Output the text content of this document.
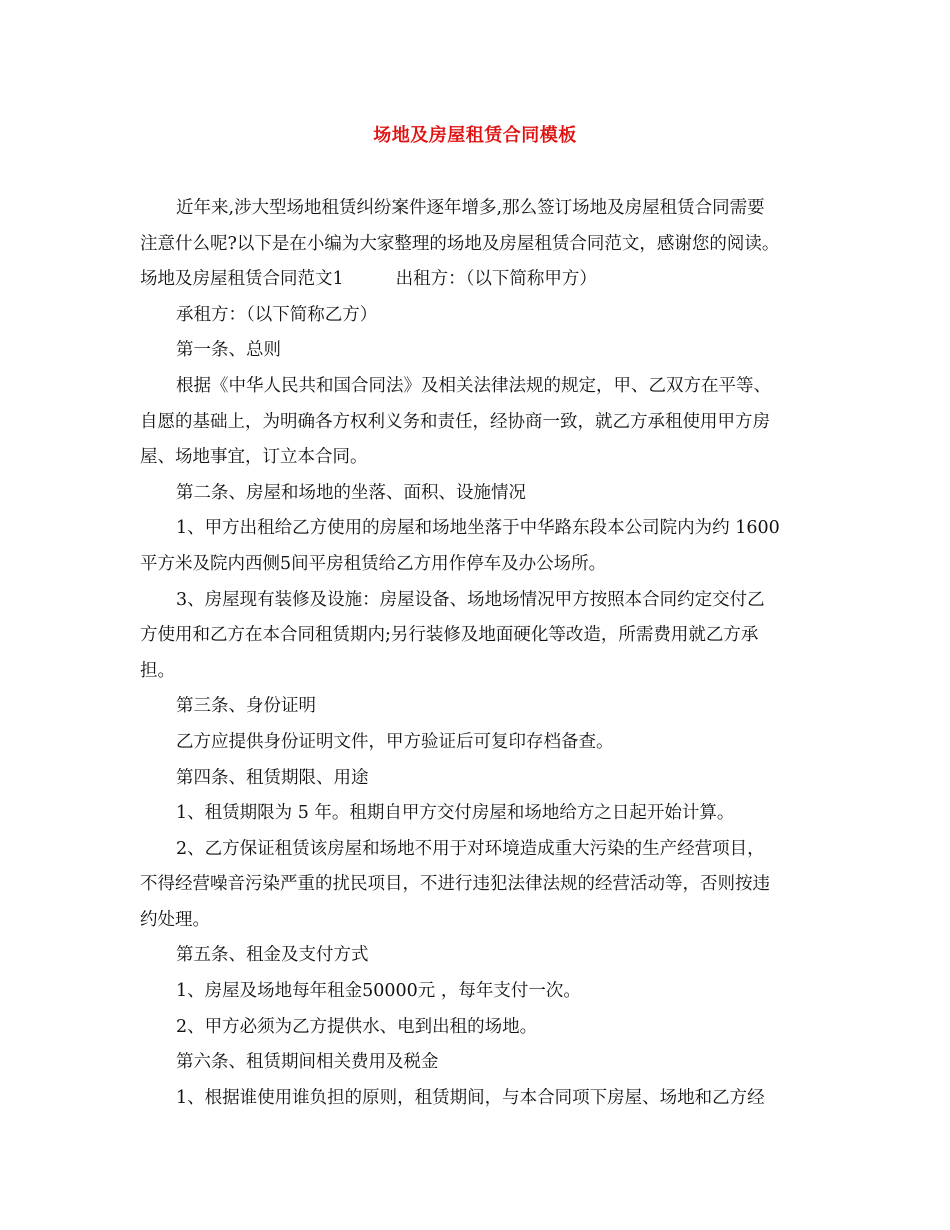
场地及房屋租赁合同模板
近年来,涉大型场地租赁纠纷案件逐年增多,那么签订场地及房屋租赁合同需要
注意什么呢?以下是在小编为大家整理的场地及房屋租赁合同范文，感谢您的阅读。
场地及房屋租赁合同范文1	出租方：（以下简称甲方）
承租方：（以下简称乙方）
第一条、总则
根据《中华人民共和国合同法》及相关法律法规的规定，甲、乙双方在平等、
自愿的基础上，为明确各方权利义务和责任，经协商一致，就乙方承租使用甲方房
屋、场地事宜，订立本合同。
第二条、房屋和场地的坐落、面积、设施情况
1、甲方出租给乙方使用的房屋和场地坐落于中华路东段本公司院内为约 1600
平方米及院内西侧5间平房租赁给乙方用作停车及办公场所。
3、房屋现有装修及设施：房屋设备、场地场情况甲方按照本合同约定交付乙
方使用和乙方在本合同租赁期内;另行装修及地面硬化等改造，所需费用就乙方承
担。
第三条、身份证明
乙方应提供身份证明文件，甲方验证后可复印存档备查。
第四条、租赁期限、用途
1、租赁期限为 5 年。租期自甲方交付房屋和场地给方之日起开始计算。
2、乙方保证租赁该房屋和场地不用于对环境造成重大污染的生产经营项目，
不得经营噪音污染严重的扰民项目，不进行违犯法律法规的经营活动等，否则按违
约处理。
第五条、租金及支付方式
1、房屋及场地每年租金50000元 ，每年支付一次。
2、甲方必须为乙方提供水、电到出租的场地。
第六条、租赁期间相关费用及税金
1、根据谁使用谁负担的原则，租赁期间，与本合同项下房屋、场地和乙方经
